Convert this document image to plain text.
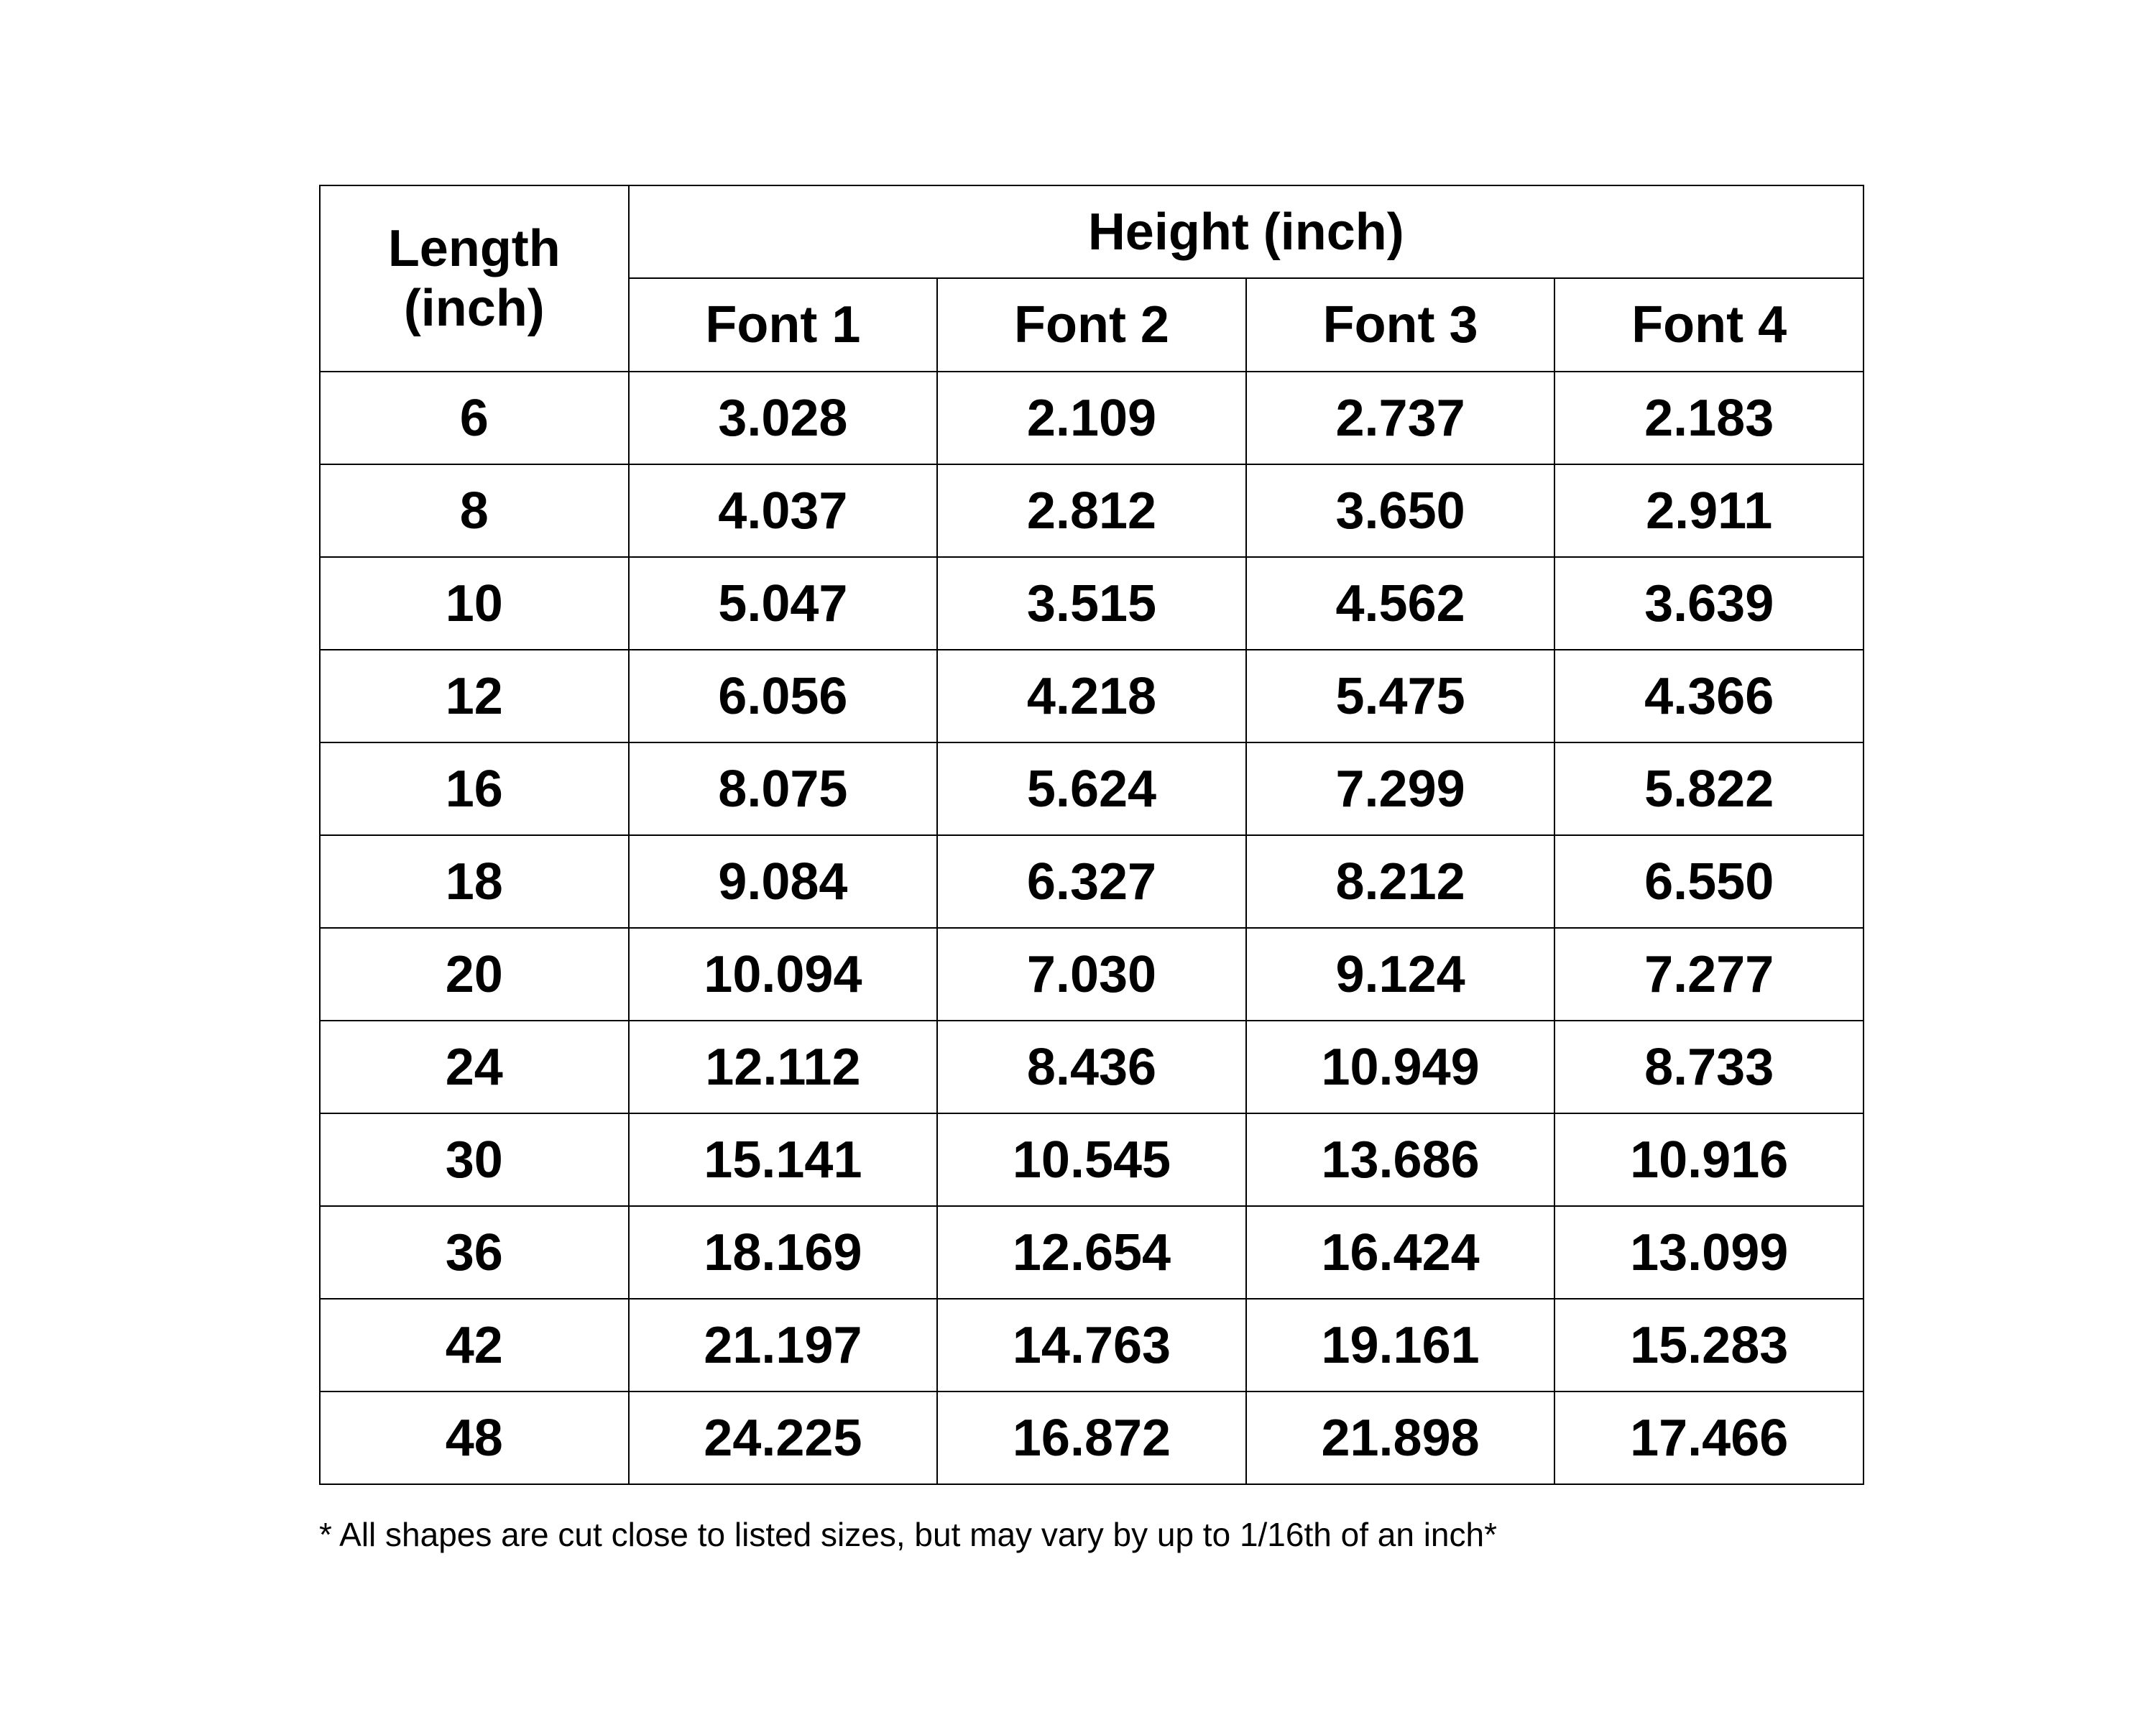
Length
(inch)	Height (inch)			
	Font 1	Font 2	Font 3	Font 4
6	3.028	2.109	2.737	2.183
8	4.037	2.812	3.650	2.911
10	5.047	3.515	4.562	3.639
12	6.056	4.218	5.475	4.366
16	8.075	5.624	7.299	5.822
18	9.084	6.327	8.212	6.550
20	10.094	7.030	9.124	7.277
24	12.112	8.436	10.949	8.733
30	15.141	10.545	13.686	10.916
36	18.169	12.654	16.424	13.099
42	21.197	14.763	19.161	15.283
48	24.225	16.872	21.898	17.466
* All shapes are cut close to listed sizes, but may vary by up to 1/16th of an inch*
